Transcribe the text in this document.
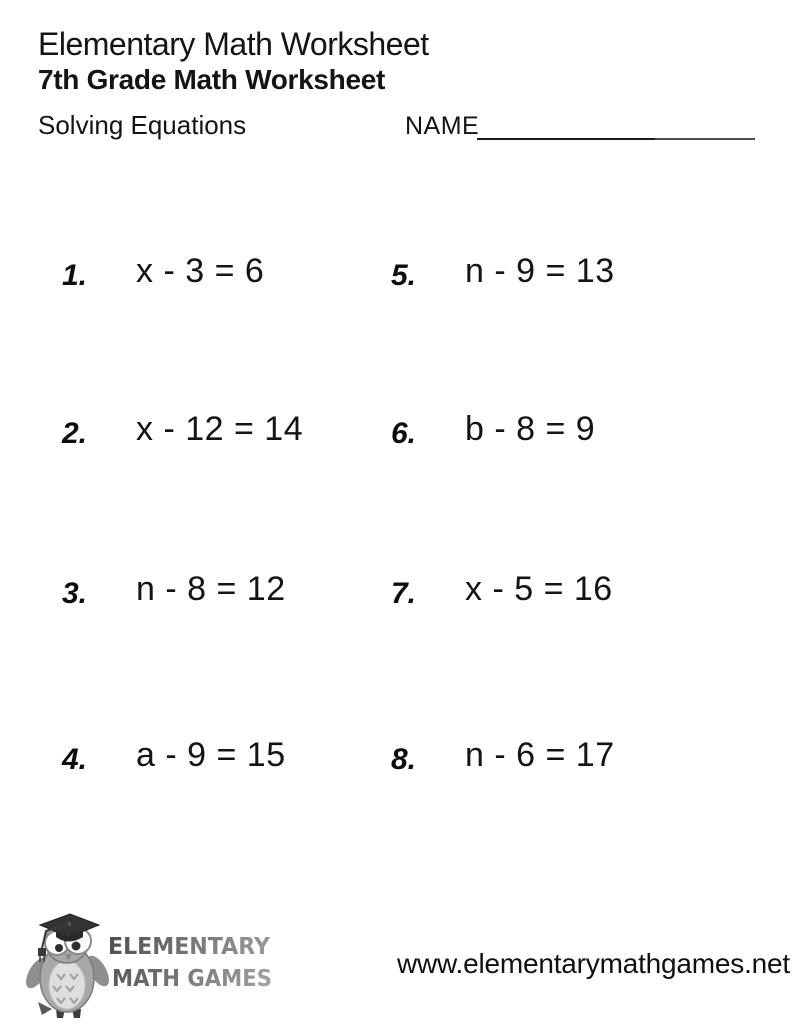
Elementary Math Worksheet
7th Grade Math Worksheet
Solving Equations	NAME
1.	x - 3 = 6	5.	n - 9 = 13
2.	x - 12 = 14	6.	b - 8 = 9
3.	n - 8 = 12	7.	x - 5 = 16
4.	a - 9 = 15	8.	n - 6 = 17
ELEMENTARY
MATH GAMES	www.elementarymathgames.net
